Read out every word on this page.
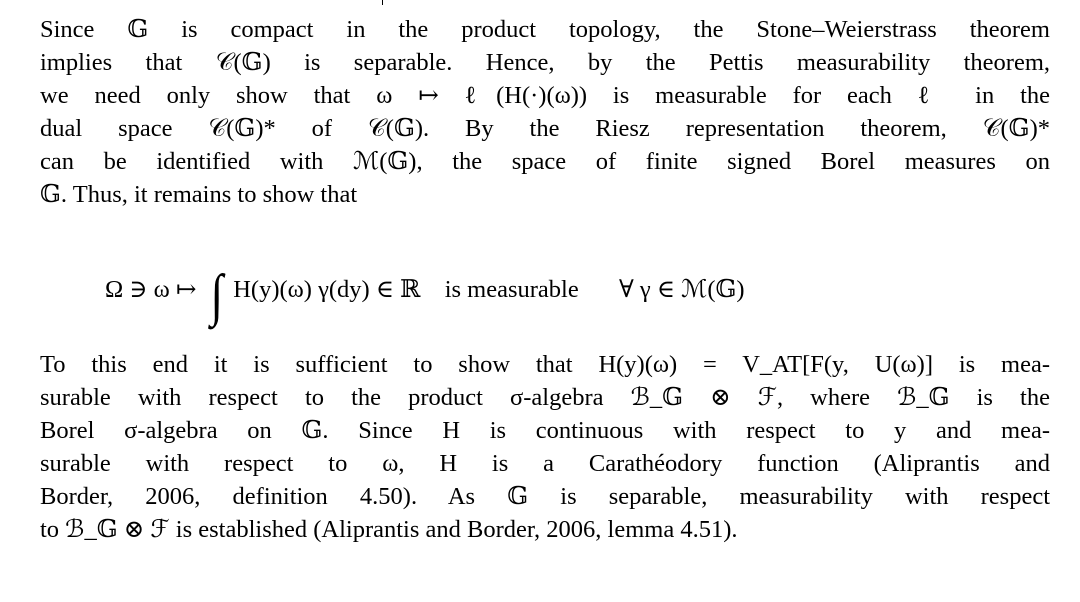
Since 𝔾 is compact in the product topology, the Stone–Weierstrass theorem
implies that 𝒞(𝔾) is separable. Hence, by the Pettis measurability theorem,
we need only show that ω ↦ ℓ(H(·)(ω)) is measurable for each ℓ in the
dual space 𝒞(𝔾)* of 𝒞(𝔾). By the Riesz representation theorem, 𝒞(𝔾)*
can be identified with ℳ(𝔾), the space of finite signed Borel measures on
𝔾. Thus, it remains to show that
Ω ∋ ω ↦ ∫ H(y)(ω) γ(dy) ∈ ℝ is measurable ∀ γ ∈ ℳ(𝔾)
To this end it is sufficient to show that H(y)(ω) = V_AT[F(y, U(ω)] is mea-
surable with respect to the product σ-algebra ℬ_𝔾 ⊗ ℱ, where ℬ_𝔾 is the
Borel σ-algebra on 𝔾. Since H is continuous with respect to y and mea-
surable with respect to ω, H is a Carathéodory function (Aliprantis and
Border, 2006, definition 4.50). As 𝔾 is separable, measurability with respect
to ℬ_𝔾 ⊗ ℱ is established (Aliprantis and Border, 2006, lemma 4.51).
